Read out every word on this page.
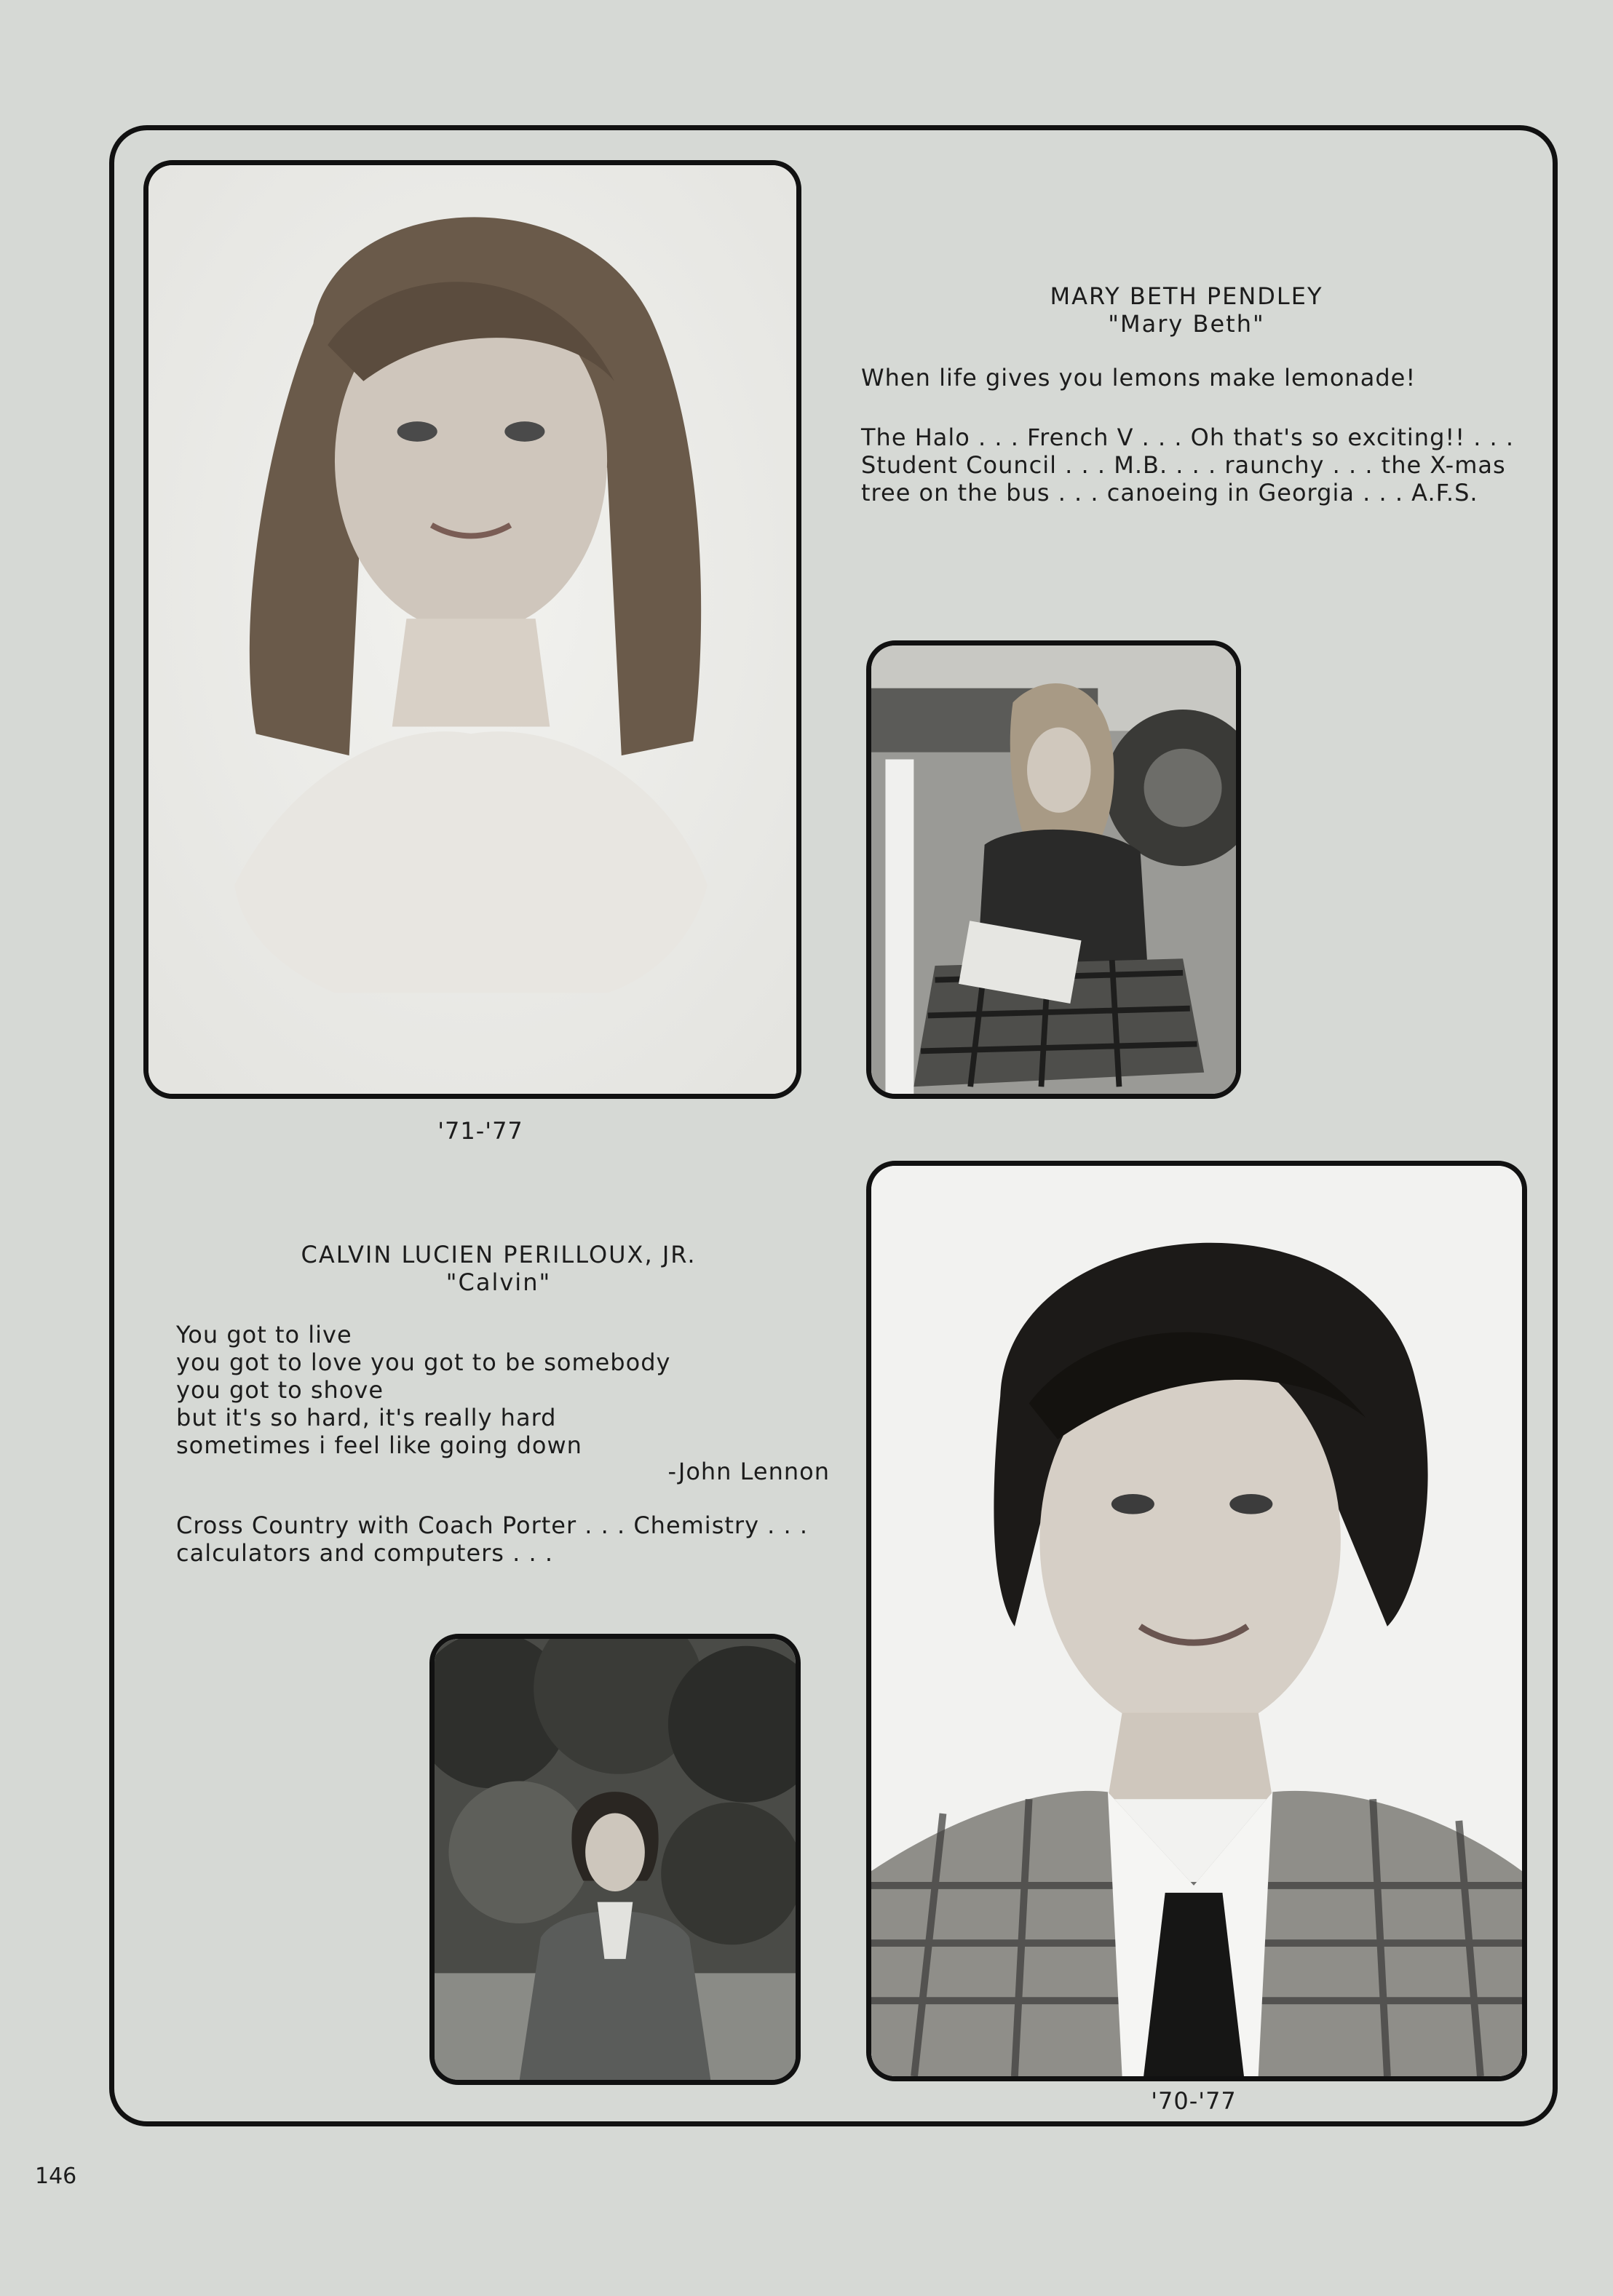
MARY BETH PENDLEY
"Mary Beth"
When life gives you lemons make lemonade!
The Halo . . . French V . . . Oh that's so exciting!! . . . Student Council . . . M.B. . . . raunchy . . . the X-mas tree on the bus . . . canoeing in Georgia . . . A.F.S.
'71-'77
CALVIN LUCIEN PERILLOUX, JR.
"Calvin"
You got to live
you got to love you got to be somebody
you got to shove
but it's so hard, it's really hard
sometimes i feel like going down
-John Lennon
Cross Country with Coach Porter . . . Chemistry . . . calculators and computers . . .
'70-'77
146
